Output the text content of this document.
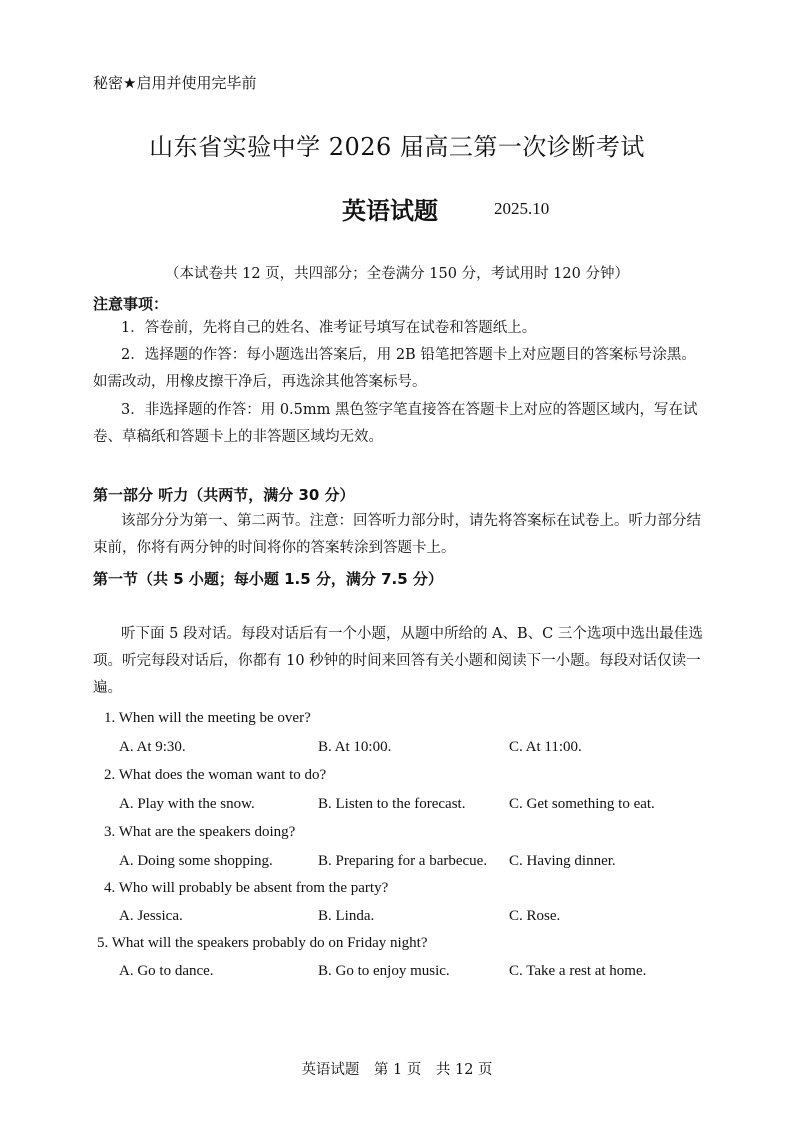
秘密★启用并使用完毕前
山东省实验中学 2026 届高三第一次诊断考试
英语试题	2025.10
（本试卷共 12 页，共四部分；全卷满分 150 分，考试用时 120 分钟）
注意事项：
1．答卷前，先将自己的姓名、准考证号填写在试卷和答题纸上。
2．选择题的作答：每小题选出答案后，用 2B 铅笔把答题卡上对应题目的答案标号涂黑。如需改动，用橡皮擦干净后，再选涂其他答案标号。
3．非选择题的作答：用 0.5mm 黑色签字笔直接答在答题卡上对应的答题区域内，写在试卷、草稿纸和答题卡上的非答题区域均无效。
第一部分 听力（共两节，满分 30 分）
该部分分为第一、第二两节。注意：回答听力部分时，请先将答案标在试卷上。听力部分结束前，你将有两分钟的时间将你的答案转涂到答题卡上。
第一节（共 5 小题；每小题 1.5 分，满分 7.5 分）
听下面 5 段对话。每段对话后有一个小题，从题中所给的 A、B、C 三个选项中选出最佳选项。听完每段对话后，你都有 10 秒钟的时间来回答有关小题和阅读下一小题。每段对话仅读一遍。
1. When will the meeting be over?
A. At 9:30.	B. At 10:00.	C. At 11:00.
2. What does the woman want to do?
A. Play with the snow.	B. Listen to the forecast.	C. Get something to eat.
3. What are the speakers doing?
A. Doing some shopping.	B. Preparing for a barbecue. C. Having dinner.
4. Who will probably be absent from the party?
A. Jessica.	B. Linda.	C. Rose.
5. What will the speakers probably do on Friday night?
A. Go to dance.	B. Go to enjoy music.	C. Take a rest at home.
英语试题　第 1 页　共 12 页
